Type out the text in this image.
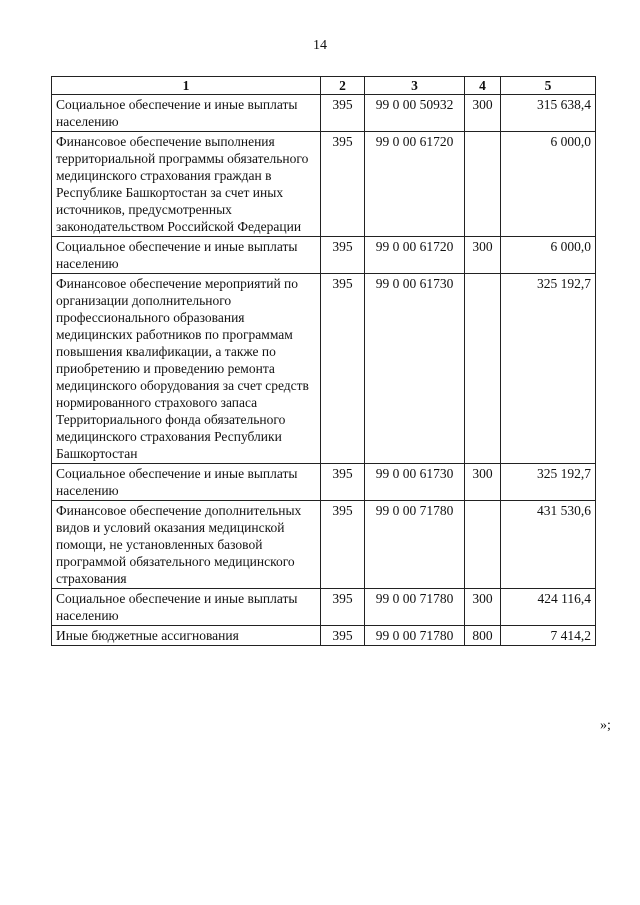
14
1	2	3	4	5
Социальное обеспечение и иные выплаты населению	395	99 0 00 50932	300	315 638,4
Финансовое обеспечение выполнения территориальной программы обязательного медицинского страхования граждан в Республике Башкортостан за счет иных источников, предусмотренных законодательством Российской Федерации	395	99 0 00 61720		6 000,0
Социальное обеспечение и иные выплаты населению	395	99 0 00 61720	300	6 000,0
Финансовое обеспечение мероприятий по организации дополнительного профессионального образования медицинских работников по программам повышения квалификации, а также по приобретению и проведению ремонта медицинского оборудования за счет средств нормированного страхового запаса Территориального фонда обязательного медицинского страхования Республики Башкортостан	395	99 0 00 61730		325 192,7
Социальное обеспечение и иные выплаты населению	395	99 0 00 61730	300	325 192,7
Финансовое обеспечение дополнительных видов и условий оказания медицинской помощи, не установленных базовой программой обязательного медицинского страхования	395	99 0 00 71780		431 530,6
Социальное обеспечение и иные выплаты населению	395	99 0 00 71780	300	424 116,4
Иные бюджетные ассигнования	395	99 0 00 71780	800	7 414,2
»;
